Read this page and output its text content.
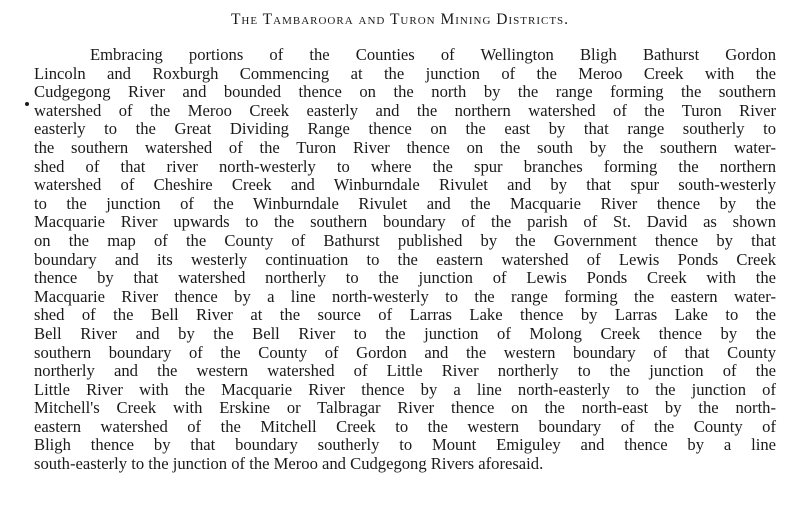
The Tambaroora and Turon Mining Districts.
Embracing portions of the Counties of Wellington Bligh Bathurst Gordon
Lincoln and Roxburgh Commencing at the junction of the Meroo Creek with the
Cudgegong River and bounded thence on the north by the range forming the southern
watershed of the Meroo Creek easterly and the northern watershed of the Turon River
easterly to the Great Dividing Range thence on the east by that range southerly to
the southern watershed of the Turon River thence on the south by the southern water-
shed of that river north-westerly to where the spur branches forming the northern
watershed of Cheshire Creek and Winburndale Rivulet and by that spur south-westerly
to the junction of the Winburndale Rivulet and the Macquarie River thence by the
Macquarie River upwards to the southern boundary of the parish of St. David as shown
on the map of the County of Bathurst published by the Government thence by that
boundary and its westerly continuation to the eastern watershed of Lewis Ponds Creek
thence by that watershed northerly to the junction of Lewis Ponds Creek with the
Macquarie River thence by a line north-westerly to the range forming the eastern water-
shed of the Bell River at the source of Larras Lake thence by Larras Lake to the
Bell River and by the Bell River to the junction of Molong Creek thence by the
southern boundary of the County of Gordon and the western boundary of that County
northerly and the western watershed of Little River northerly to the junction of the
Little River with the Macquarie River thence by a line north-easterly to the junction of
Mitchell's Creek with Erskine or Talbragar River thence on the north-east by the north-
eastern watershed of the Mitchell Creek to the western boundary of the County of
Bligh thence by that boundary southerly to Mount Emiguley and thence by a line
south-easterly to the junction of the Meroo and Cudgegong Rivers aforesaid.
